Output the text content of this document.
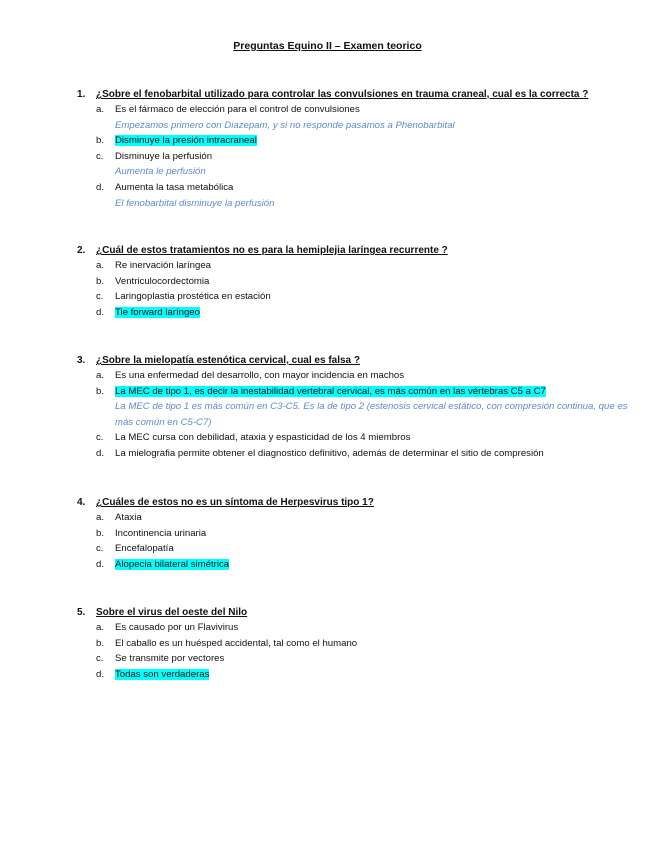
Preguntas Equino II – Examen teorico
1. ¿Sobre el fenobarbital utilizado para controlar las convulsiones en trauma craneal, cual es la correcta ?
a. Es el fármaco de elección para el control de convulsiones
Empezamos primero con Diazepam, y si no responde pasamos a Phenobarbital
b. Disminuye la presión intracraneal
c. Disminuye la perfusión
Aumenta le perfusión
d. Aumenta la tasa metabólica
El fenobarbital disminuye la perfusión
2. ¿Cuál de estos tratamientos no es para la hemiplejia laríngea recurrente ?
a. Re inervación laríngea
b. Ventriculocordectomia
c. Laringoplastia prostética en estación
d. Tie forward laríngeo
3. ¿Sobre la mielopatía estenótica cervical, cual es falsa ?
a. Es una enfermedad del desarrollo, con mayor incidencia en machos
b. La MEC de tipo 1, es decir la inestabilidad vertebral cervical, es más común en las vértebras C5 a C7
La MEC de tipo 1 es más común en C3-C5. Es la de tipo 2 (estenosis cervical estático, con compresión continua, que es más común en C5-C7)
c. La MEC cursa con debilidad, ataxia y espasticidad de los 4 miembros
d. La mielografia permite obtener el diagnostico definitivo, además de determinar el sitio de compresión
4. ¿Cuáles de estos no es un síntoma de Herpesvirus tipo 1?
a. Ataxia
b. Incontinencia urinaria
c. Encefalopatía
d. Alopecia bilateral simétrica
5. Sobre el virus del oeste del Nilo
a. Es causado por un Flavivirus
b. El caballo es un huésped accidental, tal como el humano
c. Se transmite por vectores
d. Todas son verdaderas
